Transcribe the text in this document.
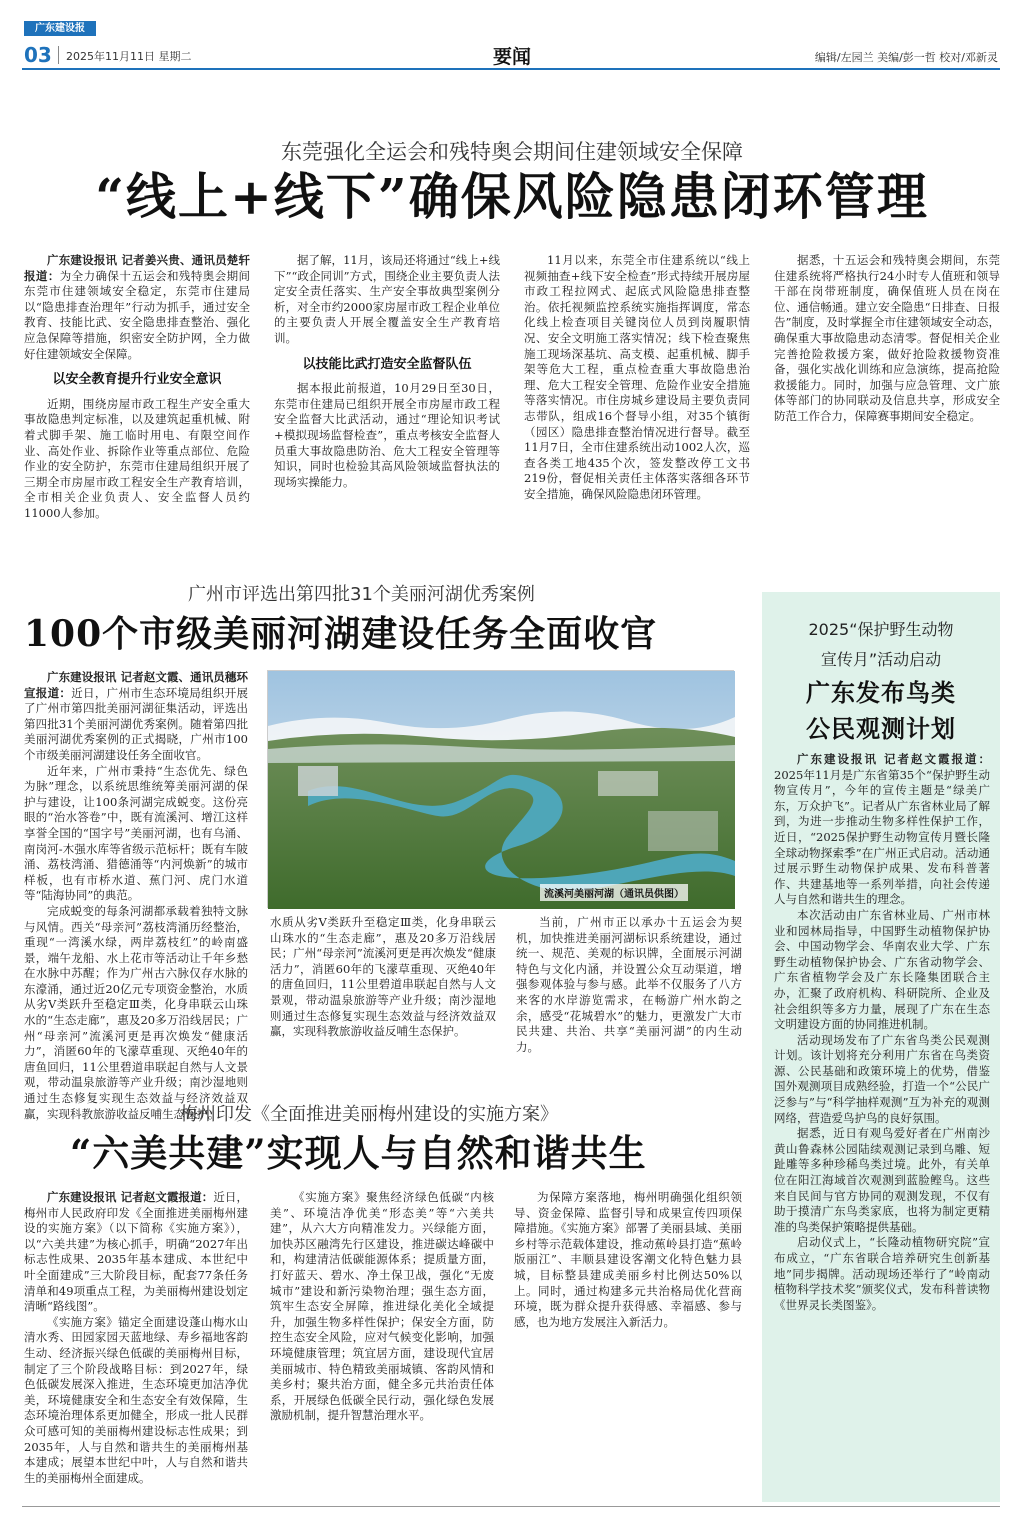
广东建设报
03 2025年11月11日 星期二	要闻	编辑/左园兰 美编/彭一哲 校对/邓新灵
东莞强化全运会和残特奥会期间住建领域安全保障
“线上+线下”确保风险隐患闭环管理

广东建设报讯 记者姜兴贵、通讯员楚轩报道：为全力确保十五运会和残特奥会期间东莞市住建领域安全稳定，东莞市住建局以“隐患排查治理年”行动为抓手，通过安全教育、技能比武、安全隐患排查整治、强化应急保障等措施，织密安全防护网，全力做好住建领域安全保障。

以安全教育提升行业安全意识

近期，围绕房屋市政工程生产安全重大事故隐患判定标准，以及建筑起重机械、附着式脚手架、施工临时用电、有限空间作业、高处作业、拆除作业等重点部位、危险作业的安全防护，东莞市住建局组织开展了三期全市房屋市政工程安全生产教育培训，全市相关企业负责人、安全监督人员约11000人参加。

据了解，11月，该局还将通过“线上+线下”“政企同训”方式，围绕企业主要负责人法定安全责任落实、生产安全事故典型案例分析，对全市约2000家房屋市政工程企业单位的主要负责人开展全覆盖安全生产教育培训。

以技能比武打造安全监督队伍

据本报此前报道，10月29日至30日，东莞市住建局已组织开展全市房屋市政工程安全监督大比武活动，通过“理论知识考试+模拟现场监督检查”，重点考核安全监督人员重大事故隐患防治、危大工程安全管理等知识，同时也检验其高风险领域监督执法的现场实操能力。

11月以来，东莞全市住建系统以“线上视频抽查+线下安全检查”形式持续开展房屋市政工程拉网式、起底式风险隐患排查整治。依托视频监控系统实施指挥调度，常态化线上检查项目关键岗位人员到岗履职情况、安全文明施工落实情况；线下检查聚焦施工现场深基坑、高支模、起重机械、脚手架等危大工程，重点检查重大事故隐患治理、危大工程安全管理、危险作业安全措施等落实情况。市住房城乡建设局主要负责同志带队，组成16个督导小组，对35个镇街（园区）隐患排查整治情况进行督导。截至11月7日，全市住建系统出动1002人次，巡查各类工地435个次，签发整改停工文书219份，督促相关责任主体落实落细各环节安全措施，确保风险隐患闭环管理。

据悉，十五运会和残特奥会期间，东莞住建系统将严格执行24小时专人值班和领导干部在岗带班制度，确保值班人员在岗在位、通信畅通。建立安全隐患“日排查、日报告”制度，及时掌握全市住建领域安全动态，确保重大事故隐患动态清零。督促相关企业完善抢险救援方案，做好抢险救援物资准备，强化实战化训练和应急演练，提高抢险救援能力。同时，加强与应急管理、文广旅体等部门的协同联动及信息共享，形成安全防范工作合力，保障赛事期间安全稳定。

广州市评选出第四批31个美丽河湖优秀案例
100个市级美丽河湖建设任务全面收官

广东建设报讯 记者赵文霞、通讯员穗环宣报道：近日，广州市生态环境局组织开展了广州市第四批美丽河湖征集活动，评选出第四批31个美丽河湖优秀案例。随着第四批美丽河湖优秀案例的正式揭晓，广州市100个市级美丽河湖建设任务全面收官。

近年来，广州市秉持“生态优先、绿色为脉”理念，以系统思维统筹美丽河湖的保护与建设，让100条河湖完成蜕变。这份亮眼的“治水答卷”中，既有流溪河、增江这样享誉全国的“国字号”美丽河湖，也有乌涌、南岗河-木强水库等省级示范标杆；既有车陂涌、荔枝湾涌、猎德涌等“内河焕新”的城市样板，也有市桥水道、蕉门河、虎门水道等“陆海协同”的典范。

完成蜕变的每条河湖都承载着独特文脉与风情。西关“母亲河”荔枝湾涌历经整治，重现“一湾溪水绿，两岸荔枝红”的岭南盛景，端午龙船、水上花市等活动让千年乡愁在水脉中苏醒；作为广州古六脉仅存水脉的东濠涌，通过近20亿元专项资金整治，水质从劣Ⅴ类跃升至稳定Ⅲ类，化身串联云山珠水的“生态走廊”，惠及20多万沿线居民；广州“母亲河”流溪河更是再次焕发“健康活力”，消匿60年的飞濛草重现、灭绝40年的唐鱼回归，11公里碧道串联起自然与人文景观，带动温泉旅游等产业升级；南沙湿地则通过生态修复实现生态效益与经济效益双赢，实现科教旅游收益反哺生态保护。

流溪河美丽河湖（通讯员供图）

水质从劣Ⅴ类跃升至稳定Ⅲ类，化身串联云山珠水的“生态走廊”，惠及20多万沿线居民；广州“母亲河”流溪河更是再次焕发“健康活力”，消匿60年的飞濛草重现、灭绝40年的唐鱼回归，11公里碧道串联起自然与人文景观，带动温泉旅游等产业升级；南沙湿地则通过生态修复实现生态效益与经济效益双赢，实现科教旅游收益反哺生态保护。

当前，广州市正以承办十五运会为契机，加快推进美丽河湖标识系统建设，通过统一、规范、美观的标识牌，全面展示河湖特色与文化内涵，并设置公众互动渠道，增强参观体验与参与感。此举不仅服务了八方来客的水岸游览需求，在畅游广州水韵之余，感受“花城碧水”的魅力，更激发广大市民共建、共治、共享“美丽河湖”的内生动力。

梅州印发《全面推进美丽梅州建设的实施方案》
“六美共建”实现人与自然和谐共生

广东建设报讯 记者赵文霞报道：近日，梅州市人民政府印发《全面推进美丽梅州建设的实施方案》（以下简称《实施方案》），以“六美共建”为核心抓手，明确“2027年出标志性成果、2035年基本建成、本世纪中叶全面建成”三大阶段目标，配套77条任务清单和49项重点工程，为美丽梅州建设划定清晰“路线图”。

《实施方案》锚定全面建设蓬山梅水山清水秀、田园家园天蓝地绿、寿乡福地客韵生动、经济振兴绿色低碳的美丽梅州目标，制定了三个阶段战略目标：到2027年，绿色低碳发展深入推进，生态环境更加洁净优美，环境健康安全和生态安全有效保障，生态环境治理体系更加健全，形成一批人民群众可感可知的美丽梅州建设标志性成果；到2035年，人与自然和谐共生的美丽梅州基本建成；展望本世纪中叶，人与自然和谐共生的美丽梅州全面建成。

《实施方案》聚焦经济绿色低碳“内核美”、环境洁净优美“形态美”等“六美共建”，从六大方向精准发力。兴绿能方面，加快苏区融湾先行区建设，推进碳达峰碳中和，构建清洁低碳能源体系；提质量方面，打好蓝天、碧水、净土保卫战，强化“无废城市”建设和新污染物治理；强生态方面，筑牢生态安全屏障，推进绿化美化全域提升，加强生物多样性保护；保安全方面，防控生态安全风险，应对气候变化影响，加强环境健康管理；筑宜居方面，建设现代宜居美丽城市、特色精致美丽城镇、客韵风情和美乡村；聚共治方面，健全多元共治责任体系，开展绿色低碳全民行动，强化绿色发展激励机制，提升智慧治理水平。

为保障方案落地，梅州明确强化组织领导、资金保障、监督引导和成果宣传四项保障措施。《实施方案》部署了美丽县域、美丽乡村等示范载体建设，推动蕉岭县打造“蕉岭版丽江”、丰顺县建设客潮文化特色魅力县城，目标整县建成美丽乡村比例达50%以上。同时，通过构建多元共治格局优化营商环境，既为群众提升获得感、幸福感、参与感，也为地方发展注入新活力。

2025“保护野生动物
宣传月”活动启动
广东发布鸟类
公民观测计划

广东建设报讯 记者赵文霞报道：2025年11月是广东省第35个“保护野生动物宣传月”，今年的宣传主题是“绿美广东，万众护飞”。记者从广东省林业局了解到，为进一步推动生物多样性保护工作，近日，“2025保护野生动物宣传月暨长隆全球动物探索季”在广州正式启动。活动通过展示野生动物保护成果、发布科普著作、共建基地等一系列举措，向社会传递人与自然和谐共生的理念。

本次活动由广东省林业局、广州市林业和园林局指导，中国野生动植物保护协会、中国动物学会、华南农业大学、广东野生动植物保护协会、广东省动物学会、广东省植物学会及广东长隆集团联合主办，汇聚了政府机构、科研院所、企业及社会组织等多方力量，展现了广东在生态文明建设方面的协同推进机制。

活动现场发布了广东省鸟类公民观测计划。该计划将充分利用广东省在鸟类资源、公民基础和政策环境上的优势，借鉴国外观测项目成熟经验，打造一个“公民广泛参与”与“科学抽样观测”互为补充的观测网络，营造爱鸟护鸟的良好氛围。

据悉，近日有观鸟爱好者在广州南沙黄山鲁森林公园陆续观测记录到乌雕、短趾雕等多种珍稀鸟类过境。此外，有关单位在阳江海域首次观测到蓝脸鲣鸟。这些来自民间与官方协同的观测发现，不仅有助于摸清广东鸟类家底，也将为制定更精准的鸟类保护策略提供基础。

启动仪式上，“长隆动植物研究院”宣布成立，“广东省联合培养研究生创新基地”同步揭牌。活动现场还举行了“岭南动植物科学技术奖”颁奖仪式，发布科普读物《世界灵长类图鉴》。
